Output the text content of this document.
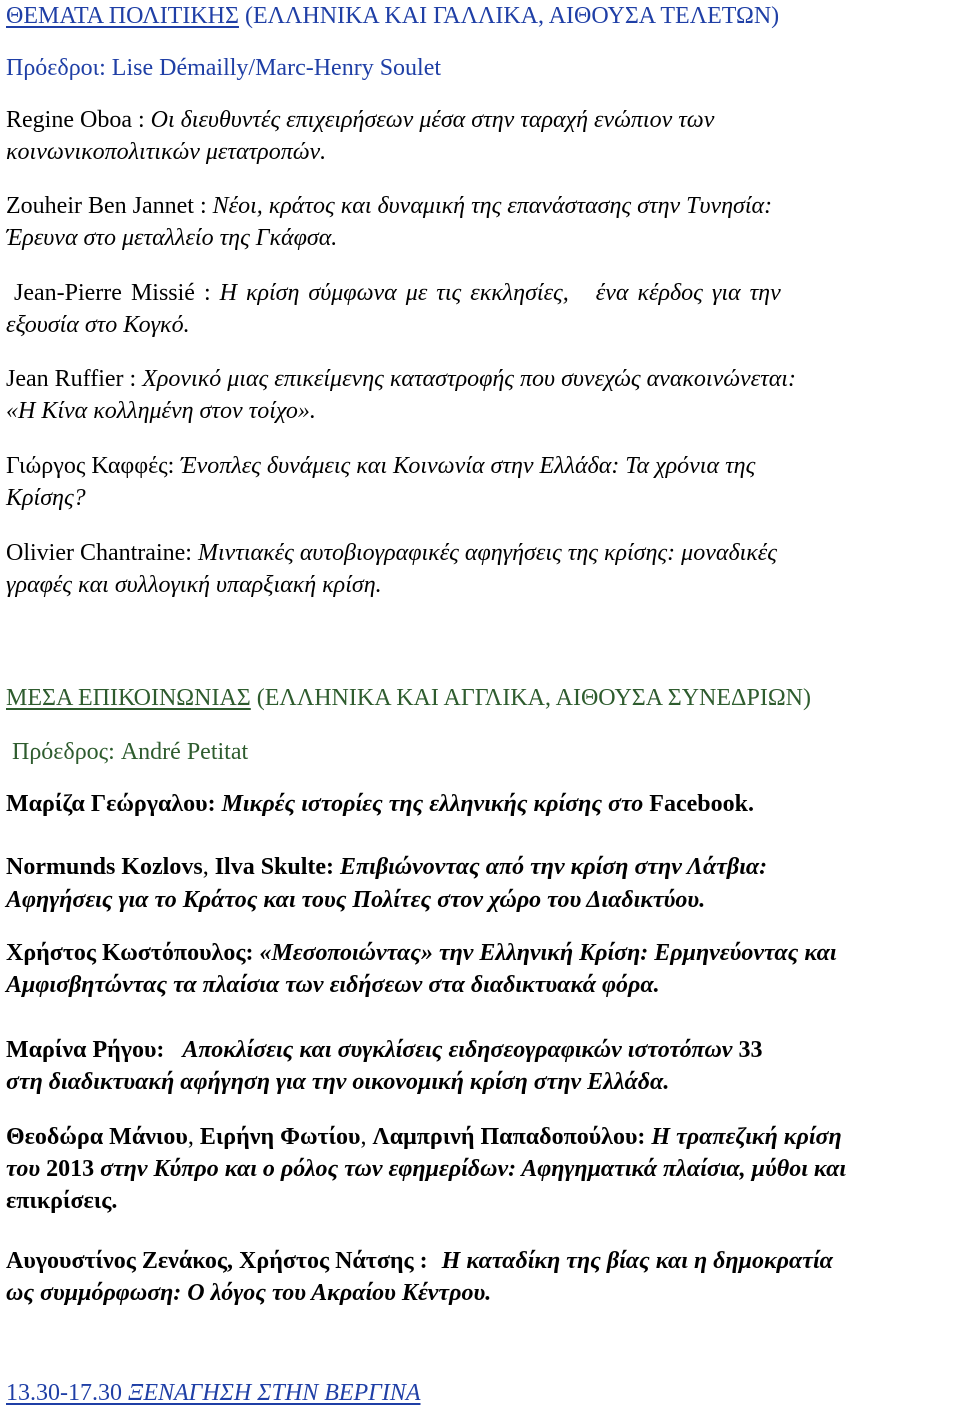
ΘΕΜΑΤΑ ΠΟΛΙΤΙΚΗΣ (ΕΛΛΗΝΙΚΑ ΚΑΙ ΓΑΛΛΙΚΑ, ΑΙΘΟΥΣΑ ΤΕΛΕΤΩΝ)
Πρόεδροι: Lise Démailly/Marc-Henry Soulet
Regine Oboa : Οι διευθυντές επιχειρήσεων μέσα στην ταραχή ενώπιον των
κοινωνικοπολιτικών μετατροπών.
Zouheir Ben Jannet : Νέοι, κράτος και δυναμική της επανάστασης στην Τυνησία:
Έρευνα στο μεταλλείο της Γκάφσα.
Jean-Pierre Missié : Η κρίση σύμφωνα με τις εκκλησίες,   ένα κέρδος για την
εξουσία στο Κογκό.
Jean Ruffier : Χρονικό μιας επικείμενης καταστροφής που συνεχώς ανακοινώνεται:
«Η Κίνα κολλημένη στον τοίχο».
Γιώργος Καφφές: Ένοπλες δυνάμεις και Κοινωνία στην Ελλάδα: Τα χρόνια της
Κρίσης?
Olivier Chantraine: Μιντιακές αυτοβιογραφικές αφηγήσεις της κρίσης: μοναδικές
γραφές και συλλογική υπαρξιακή κρίση.
ΜΕΣΑ ΕΠΙΚΟΙΝΩΝΙΑΣ (ΕΛΛΗΝΙΚΑ ΚΑΙ ΑΓΓΛΙΚΑ, ΑΙΘΟΥΣΑ ΣΥΝΕΔΡΙΩΝ)
Πρόεδρος: André Petitat
Μαρίζα Γεώργαλου: Μικρές ιστορίες της ελληνικής κρίσης στο Facebook.
Normunds Kozlovs, Ilva Skulte: Επιβιώνοντας από την κρίση στην Λάτβια:
Αφηγήσεις για το Κράτος και τους Πολίτες στον χώρο του Διαδικτύου.
Χρήστος Κωστόπουλος: «Μεσοποιώντας» την Ελληνική Κρίση: Ερμηνεύοντας και
Αμφισβητώντας τα πλαίσια των ειδήσεων στα διαδικτυακά φόρα.
Μαρίνα Ρήγου: Αποκλίσεις και συγκλίσεις ειδησεογραφικών ιστοτόπων 33
στη διαδικτυακή αφήγηση για την οικονομική κρίση στην Ελλάδα.
Θεοδώρα Μάνιου, Ειρήνη Φωτίου, Λαμπρινή Παπαδοπούλου: Η τραπεζική κρίση
του 2013 στην Κύπρο και ο ρόλος των εφημερίδων: Αφηγηματικά πλαίσια, μύθοι και
επικρίσεις.
Αυγουστίνος Ζενάκος, Χρήστος Νάτσης : Η καταδίκη της βίας και η δημοκρατία
ως συμμόρφωση: Ο λόγος του Ακραίου Κέντρου.
13.30-17.30 ΞΕΝΑΓΗΣΗ ΣΤΗΝ ΒΕΡΓΙΝΑ
